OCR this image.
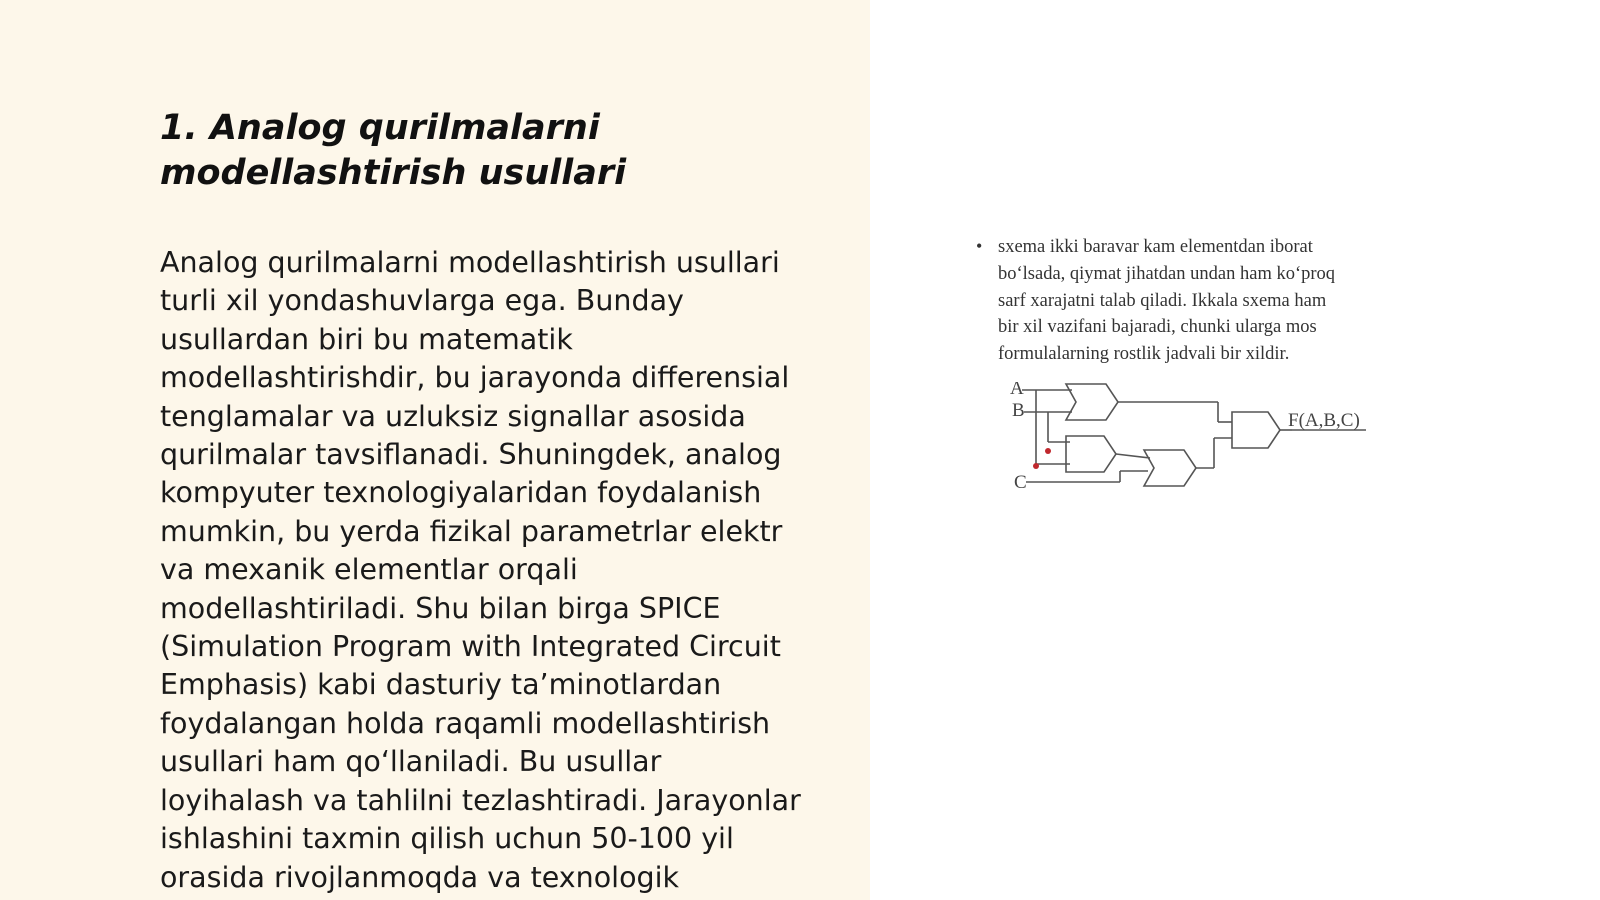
1. Analog qurilmalarni
modellashtirish usullari

Analog qurilmalarni modellashtirish usullari
turli xil yondashuvlarga ega. Bunday
usullardan biri bu matematik
modellashtirishdir, bu jarayonda differensial
tenglamalar va uzluksiz signallar asosida
qurilmalar tavsiflanadi. Shuningdek, analog
kompyuter texnologiyalaridan foydalanish
mumkin, bu yerda fizikal parametrlar elektr
va mexanik elementlar orqali
modellashtiriladi. Shu bilan birga SPICE
(Simulation Program with Integrated Circuit
Emphasis) kabi dasturiy ta’minotlardan
foydalangan holda raqamli modellashtirish
usullari ham qo‘llaniladi. Bu usullar
loyihalash va tahlilni tezlashtiradi. Jarayonlar
ishlashini taxmin qilish uchun 50-100 yil
orasida rivojlanmoqda va texnologik

• sxema ikki baravar kam elementdan iborat
bo‘lsada, qiymat jihatdan undan ham ko‘proq
sarf xarajatni talab qiladi. Ikkala sxema ham
bir xil vazifani bajaradi, chunki ularga mos
formulalarning rostlik jadvali bir xildir.

A
B
C
F(A,B,C)
